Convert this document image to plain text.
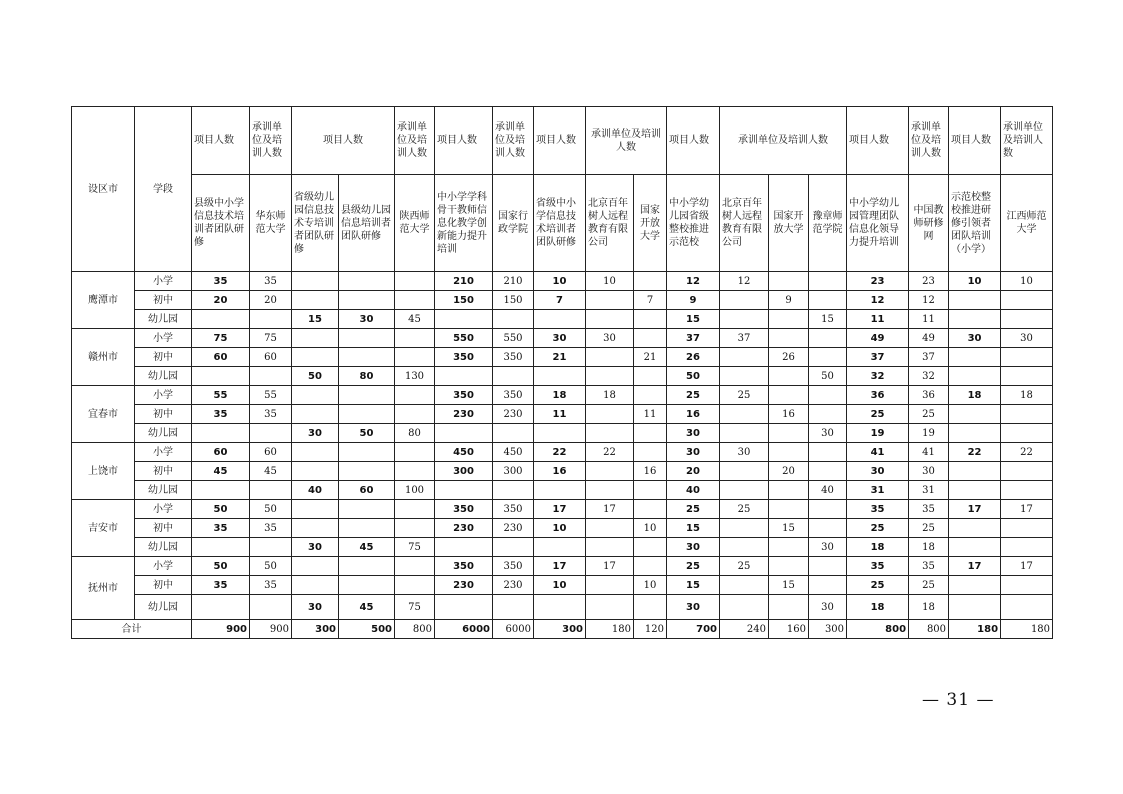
设区市	学段	项目人数	承训单位及培训人数	项目人数		承训单位及培训人数	项目人数	承训单位及培训人数	项目人数	承训单位及培训人数		项目人数	承训单位及培训人数			项目人数	承训单位及培训人数	项目人数	承训单位及培训人数
		县级中小学信息技术培训者团队研修	华东师范大学	省级幼儿园信息技术专培训者团队研修	县级幼儿园信息培训者团队研修	陕西师范大学	中小学学科骨干教师信息化教学创新能力提升培训	国家行政学院	省级中小学信息技术培训者团队研修	北京百年树人远程教育有限公司	国家开放大学	中小学幼儿园省级整校推进示范校	北京百年树人远程教育有限公司	国家开放大学	豫章师范学院	中小学幼儿园管理团队信息化领导力提升培训	中国教师研修网	示范校整校推进研修引领者团队培训（小学）	江西师范大学
鹰潭市	小学	35	35				210	210	10	10		12	12			23	23	10	10
	初中	20	20				150	150	7		7	9		9		12	12		
	幼儿园			15	30	45						15			15	11	11		
赣州市	小学	75	75				550	550	30	30		37	37			49	49	30	30
	初中	60	60				350	350	21		21	26		26		37	37		
	幼儿园			50	80	130						50			50	32	32		
宜春市	小学	55	55				350	350	18	18		25	25			36	36	18	18
	初中	35	35				230	230	11		11	16		16		25	25		
	幼儿园			30	50	80						30			30	19	19		
上饶市	小学	60	60				450	450	22	22		30	30			41	41	22	22
	初中	45	45				300	300	16		16	20		20		30	30		
	幼儿园			40	60	100						40			40	31	31		
吉安市	小学	50	50				350	350	17	17		25	25			35	35	17	17
	初中	35	35				230	230	10		10	15		15		25	25		
	幼儿园			30	45	75						30			30	18	18		
抚州市	小学	50	50				350	350	17	17		25	25			35	35	17	17
	初中	35	35				230	230	10		10	15		15		25	25		
	幼儿园			30	45	75						30			30	18	18		
合计		900	900	300	500	800	6000	6000	300	180	120	700	240	160	300	800	800	180	180
— 31 —
